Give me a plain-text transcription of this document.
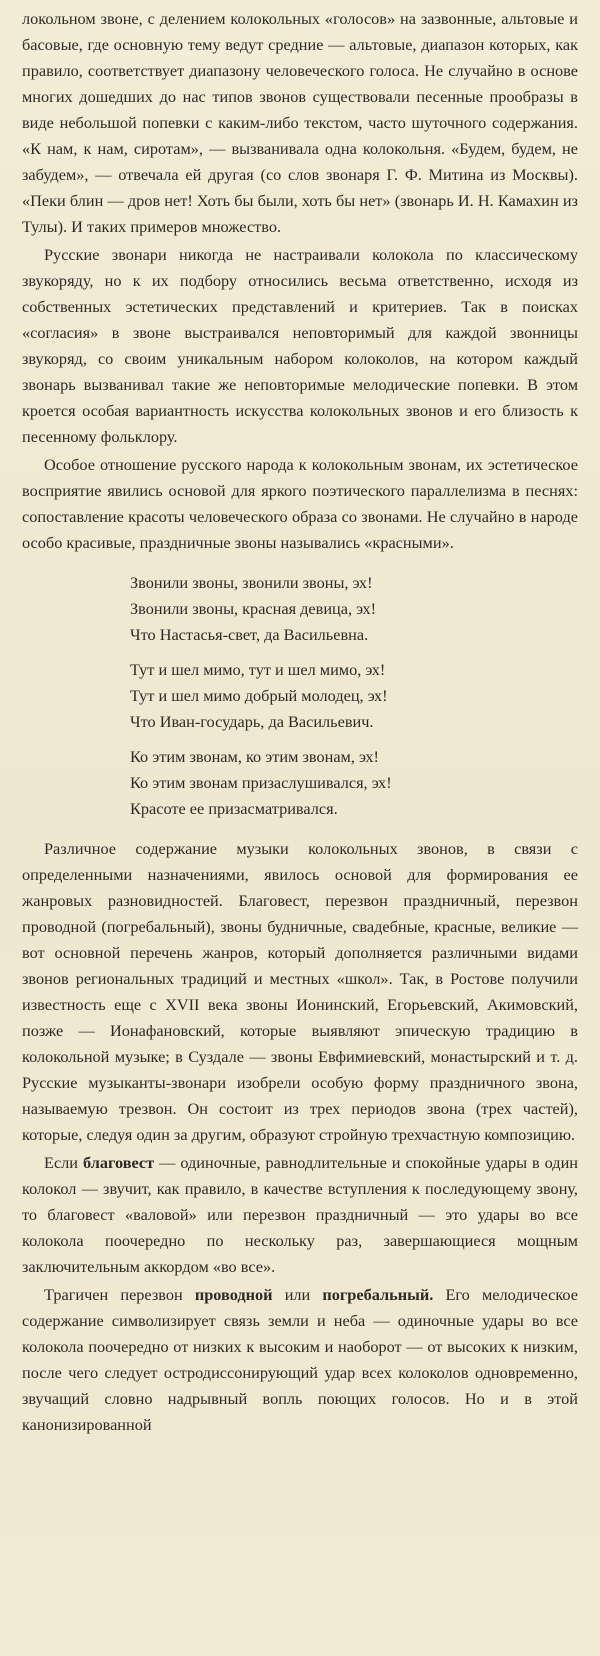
локольном звоне, с делением колокольных «голосов» на зазвонные, альтовые и басовые, где основную тему ведут средние — альтовые, диапазон которых, как правило, соответствует диапазону человеческого голоса. Не случайно в основе многих дошедших до нас типов звонов существовали песенные прообразы в виде небольшой попевки с каким-либо текстом, часто шуточного содержания. «К нам, к нам, сиротам», — вызванивала одна колокольня. «Будем, будем, не забудем», — отвечала ей другая (со слов звонаря Г. Ф. Митина из Москвы). «Пеки блин — дров нет! Хоть бы были, хоть бы нет» (звонарь И. Н. Камахин из Тулы). И таких примеров множество.

Русские звонари никогда не настраивали колокола по классическому звукоряду, но к их подбору относились весьма ответственно, исходя из собственных эстетических представлений и критериев. Так в поисках «согласия» в звоне выстраивался неповторимый для каждой звонницы звукоряд, со своим уникальным набором колоколов, на котором каждый звонарь вызванивал такие же неповторимые мелодические попевки. В этом кроется особая вариантность искусства колокольных звонов и его близость к песенному фольклору.

Особое отношение русского народа к колокольным звонам, их эстетическое восприятие явились основой для яркого поэтического параллелизма в песнях: сопоставление красоты человеческого образа со звонами. Не случайно в народе особо красивые, праздничные звоны назывались «красными».

Звонили звоны, звонили звоны, эх!
Звонили звоны, красная девица, эх!
Что Настасья-свет, да Васильевна.
Тут и шел мимо, тут и шел мимо, эх!
Тут и шел мимо добрый молодец, эх!
Что Иван-государь, да Васильевич.
Ко этим звонам, ко этим звонам, эх!
Ко этим звонам призаслушивался, эх!
Красоте ее призасматривался.

Различное содержание музыки колокольных звонов, в связи с определенными назначениями, явилось основой для формирования ее жанровых разновидностей. Благовест, перезвон праздничный, перезвон проводной (погребальный), звоны будничные, свадебные, красные, великие — вот основной перечень жанров, который дополняется различными видами звонов региональных традиций и местных «школ». Так, в Ростове получили известность еще с XVII века звоны Ионинский, Егорьевский, Акимовский, позже — Ионафановский, которые выявляют эпическую традицию в колокольной музыке; в Суздале — звоны Евфимиевский, монастырский и т. д. Русские музыканты-звонари изобрели особую форму праздничного звона, называемую трезвон. Он состоит из трех периодов звона (трех частей), которые, следуя один за другим, образуют стройную трехчастную композицию.

Если благовест — одиночные, равнодлительные и спокойные удары в один колокол — звучит, как правило, в качестве вступления к последующему звону, то благовест «валовой» или перезвон праздничный — это удары во все колокола поочередно по нескольку раз, завершающиеся мощным заключительным аккордом «во все».

Трагичен перезвон проводной или погребальный. Его мелодическое содержание символизирует связь земли и неба — одиночные удары во все колокола поочередно от низких к высоким и наоборот — от высоких к низким, после чего следует остродиссонирующий удар всех колоколов одновременно, звучащий словно надрывный вопль поющих голосов. Но и в этой канонизированной
